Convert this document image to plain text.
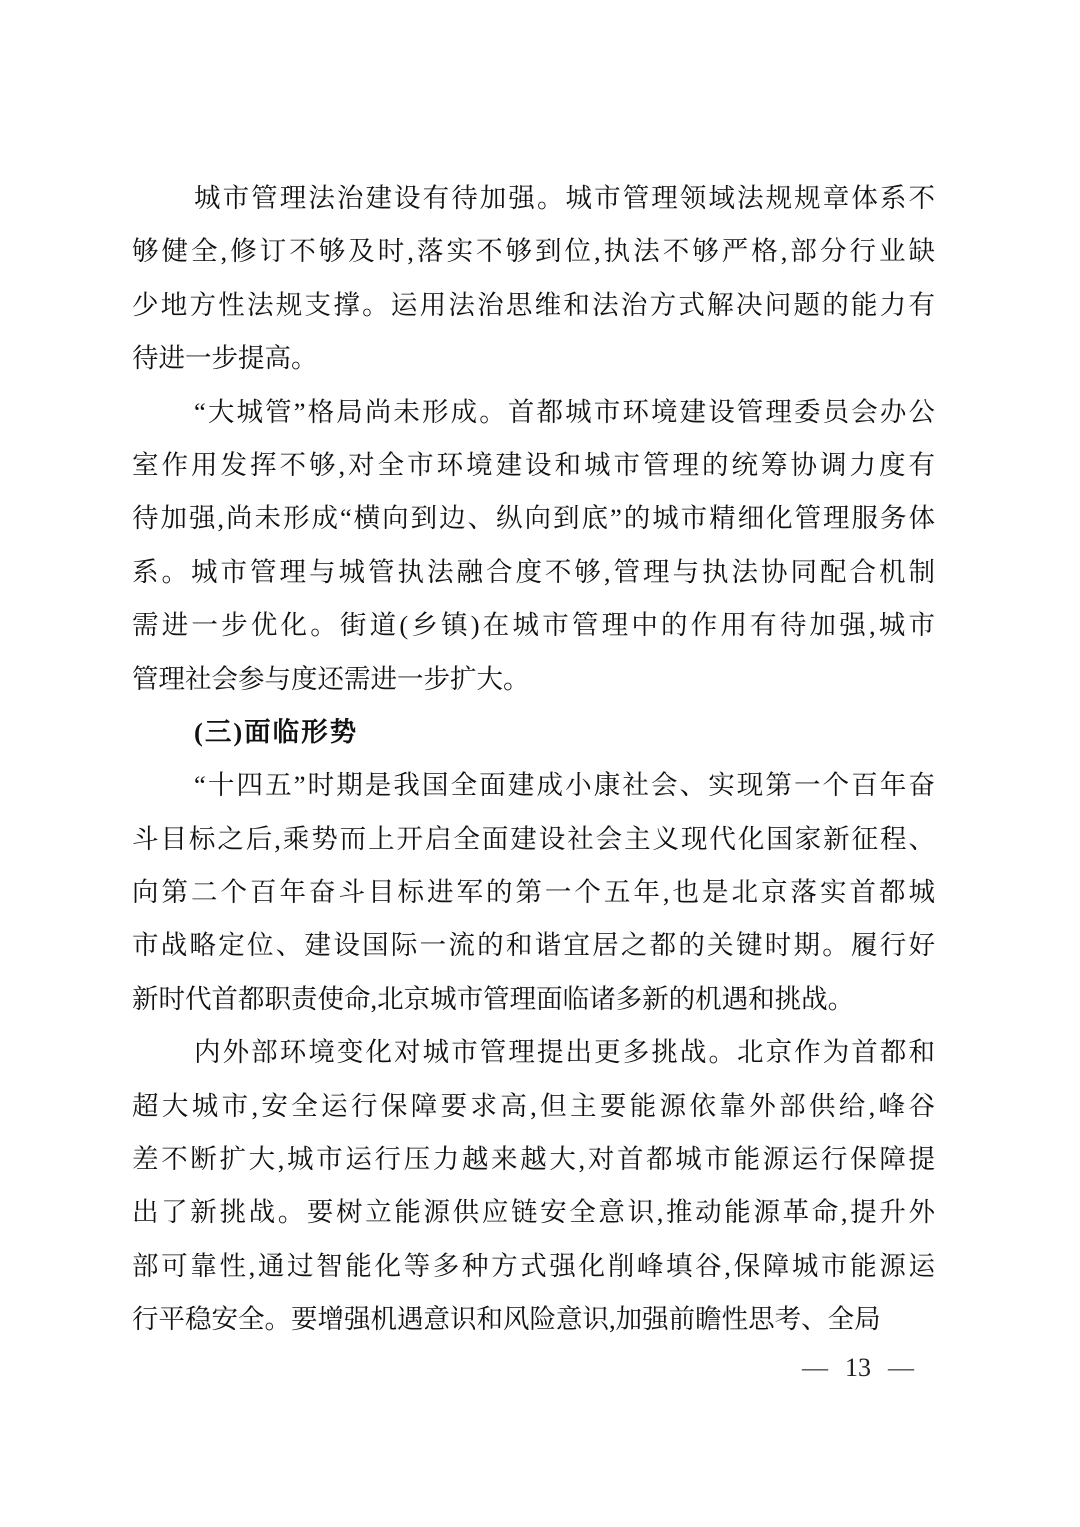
城市管理法治建设有待加强。城市管理领域法规规章体系不
够健全,修订不够及时,落实不够到位,执法不够严格,部分行业缺
少地方性法规支撑。运用法治思维和法治方式解决问题的能力有
待进一步提高。
“大城管”格局尚未形成。首都城市环境建设管理委员会办公
室作用发挥不够,对全市环境建设和城市管理的统筹协调力度有
待加强,尚未形成“横向到边、纵向到底”的城市精细化管理服务体
系。城市管理与城管执法融合度不够,管理与执法协同配合机制
需进一步优化。街道(乡镇)在城市管理中的作用有待加强,城市
管理社会参与度还需进一步扩大。
(三)面临形势
“十四五”时期是我国全面建成小康社会、实现第一个百年奋
斗目标之后,乘势而上开启全面建设社会主义现代化国家新征程、
向第二个百年奋斗目标进军的第一个五年,也是北京落实首都城
市战略定位、建设国际一流的和谐宜居之都的关键时期。履行好
新时代首都职责使命,北京城市管理面临诸多新的机遇和挑战。
内外部环境变化对城市管理提出更多挑战。北京作为首都和
超大城市,安全运行保障要求高,但主要能源依靠外部供给,峰谷
差不断扩大,城市运行压力越来越大,对首都城市能源运行保障提
出了新挑战。要树立能源供应链安全意识,推动能源革命,提升外
部可靠性,通过智能化等多种方式强化削峰填谷,保障城市能源运
行平稳安全。要增强机遇意识和风险意识,加强前瞻性思考、全局
— 13 —
